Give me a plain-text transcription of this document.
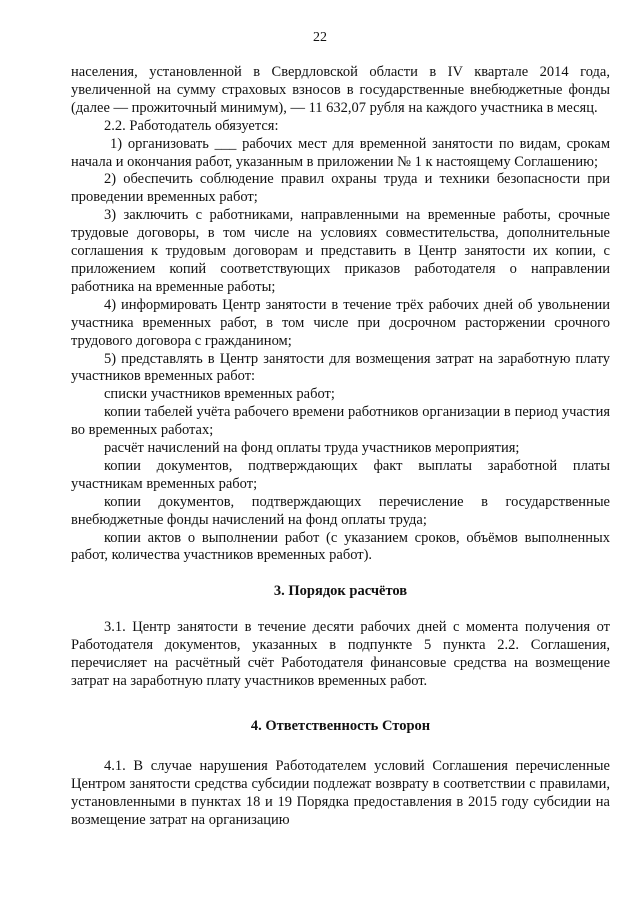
22

населения, установленной в Свердловской области в IV квартале 2014 года, увеличенной на сумму страховых взносов в государственные внебюджетные фонды (далее — прожиточный минимум), — 11 632,07 рубля на каждого участника в месяц.

2.2. Работодатель обязуется:

1) организовать ___ рабочих мест для временной занятости по видам, срокам начала и окончания работ, указанным в приложении № 1 к настоящему Соглашению;

2) обеспечить соблюдение правил охраны труда и техники безопасности при проведении временных работ;

3) заключить с работниками, направленными на временные работы, срочные трудовые договоры, в том числе на условиях совместительства, дополнительные соглашения к трудовым договорам и представить в Центр занятости их копии, с приложением копий соответствующих приказов работодателя о направлении работника на временные работы;

4) информировать Центр занятости в течение трёх рабочих дней об увольнении участника временных работ, в том числе при досрочном расторжении срочного трудового договора с гражданином;

5) представлять в Центр занятости для возмещения затрат на заработную плату участников временных работ:

списки участников временных работ;

копии табелей учёта рабочего времени работников организации в период участия во временных работах;

расчёт начислений на фонд оплаты труда участников мероприятия;

копии документов, подтверждающих факт выплаты заработной платы участникам временных работ;

копии документов, подтверждающих перечисление в государственные внебюджетные фонды начислений на фонд оплаты труда;

копии актов о выполнении работ (с указанием сроков, объёмов выполненных работ, количества участников временных работ).

3. Порядок расчётов

3.1. Центр занятости в течение десяти рабочих дней с момента получения от Работодателя документов, указанных в подпункте 5 пункта 2.2. Соглашения, перечисляет на расчётный счёт Работодателя финансовые средства на возмещение затрат на заработную плату участников временных работ.

4. Ответственность Сторон

4.1. В случае нарушения Работодателем условий Соглашения перечисленные Центром занятости средства субсидии подлежат возврату в соответствии с правилами, установленными в пунктах 18 и 19 Порядка предоставления в 2015 году субсидии на возмещение затрат на организацию
